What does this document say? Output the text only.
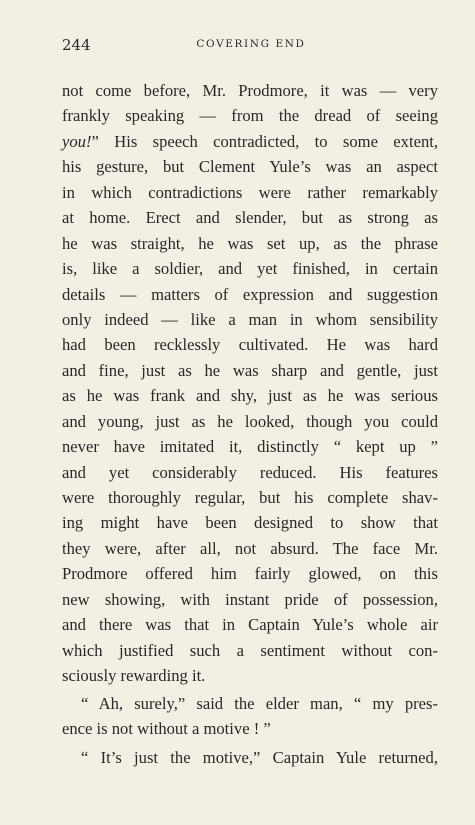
244	COVERING END
not come before, Mr. Prodmore, it was — very
frankly speaking — from the dread of seeing
you!” His speech contradicted, to some extent,
his gesture, but Clement Yule’s was an aspect
in which contradictions were rather remarkably
at home. Erect and slender, but as strong as
he was straight, he was set up, as the phrase
is, like a soldier, and yet finished, in certain
details — matters of expression and suggestion
only indeed — like a man in whom sensibility
had been recklessly cultivated. He was hard
and fine, just as he was sharp and gentle, just
as he was frank and shy, just as he was serious
and young, just as he looked, though you could
never have imitated it, distinctly “ kept up ”
and yet considerably reduced. His features
were thoroughly regular, but his complete shav-
ing might have been designed to show that
they were, after all, not absurd. The face Mr.
Prodmore offered him fairly glowed, on this
new showing, with instant pride of possession,
and there was that in Captain Yule’s whole air
which justified such a sentiment without con-
sciously rewarding it.
“ Ah, surely,” said the elder man, “ my pres-
ence is not without a motive ! ”
“ It’s just the motive,” Captain Yule returned,
